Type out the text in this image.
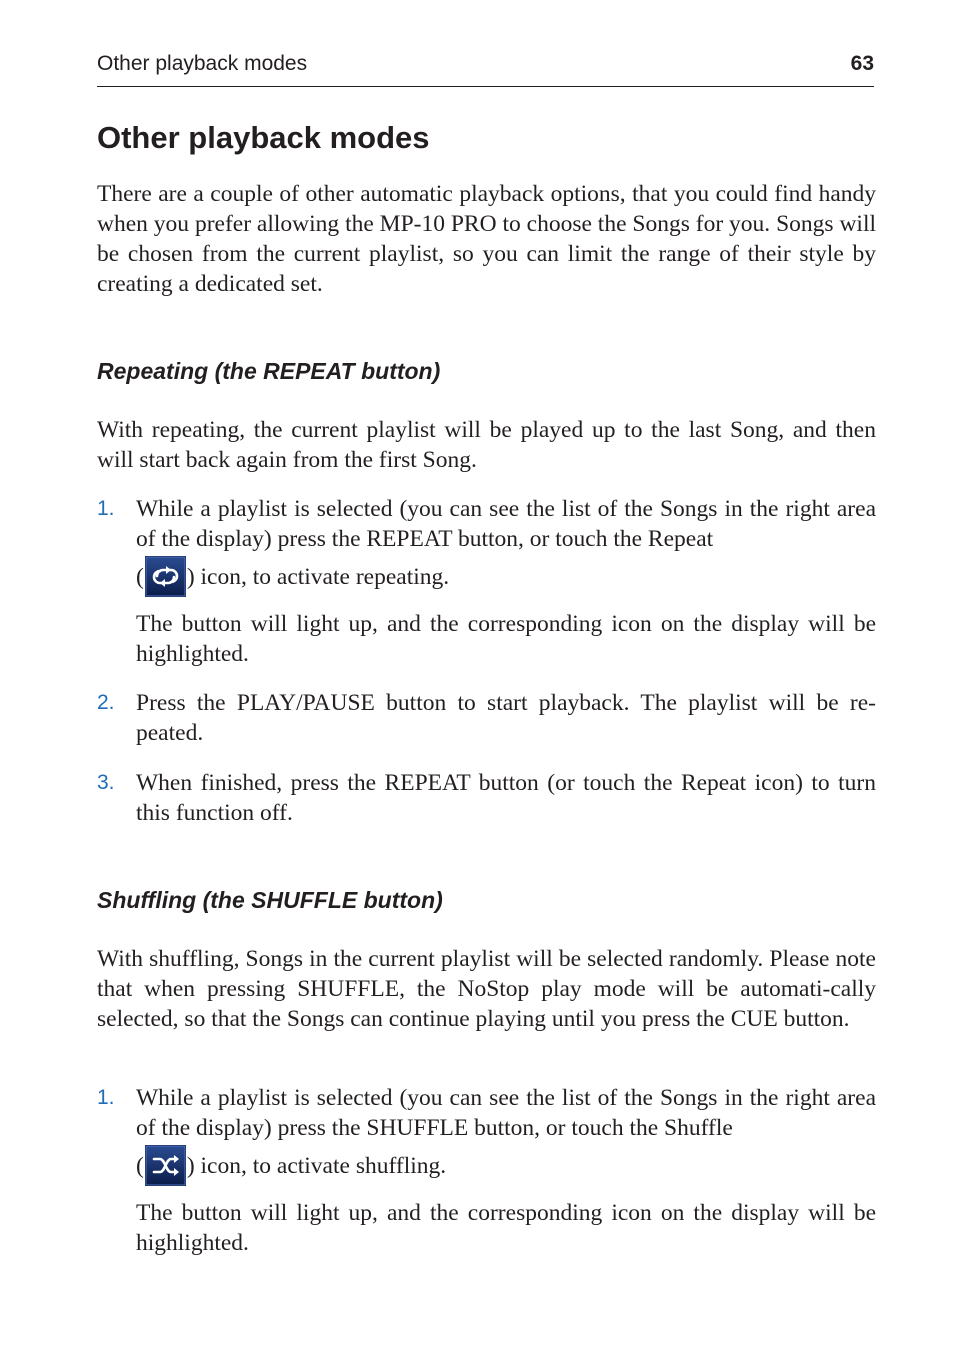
Other playback modes	63
Other playback modes

There are a couple of other automatic playback options, that you could find handy when you prefer allowing the MP-10 PRO to choose the Songs for you. Songs will be chosen from the current playlist, so you can limit the range of their style by creating a dedicated set.

Repeating (the REPEAT button)

With repeating, the current playlist will be played up to the last Song, and then will start back again from the first Song.

1. While a playlist is selected (you can see the list of the Songs in the right area of the display) press the REPEAT button, or touch the Repeat
( ) icon, to activate repeating.

The button will light up, and the corresponding icon on the display will be highlighted.

2. Press the PLAY/PAUSE button to start playback. The playlist will be re-peated.
3. When finished, press the REPEAT button (or touch the Repeat icon) to turn this function off.
Shuffling (the SHUFFLE button)

With shuffling, Songs in the current playlist will be selected randomly. Please note that when pressing SHUFFLE, the NoStop play mode will be automati-cally selected, so that the Songs can continue playing until you press the CUE button.

1. While a playlist is selected (you can see the list of the Songs in the right area of the display) press the SHUFFLE button, or touch the Shuffle
( ) icon, to activate shuffling.

The button will light up, and the corresponding icon on the display will be highlighted.
